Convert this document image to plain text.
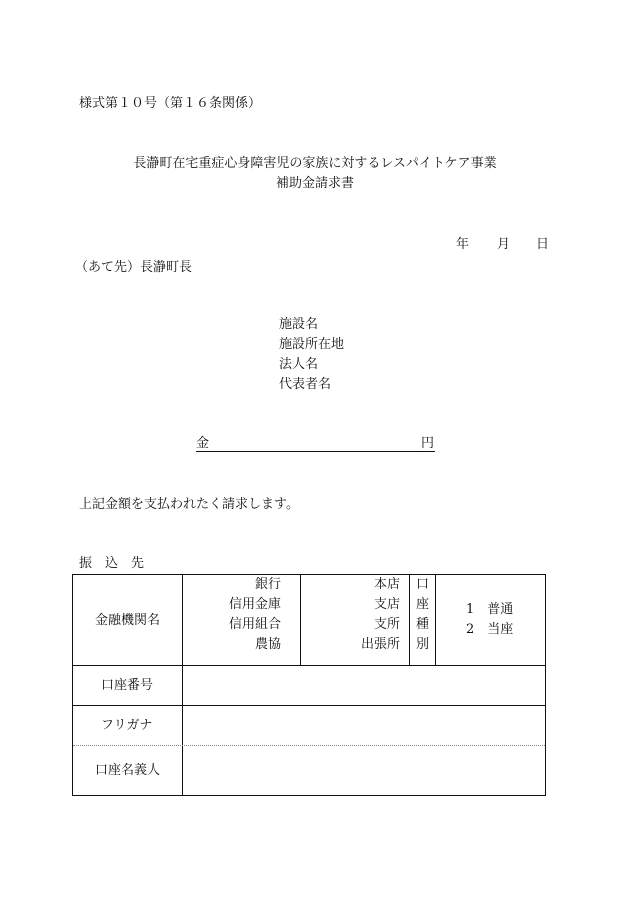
様式第１０号（第１６条関係）
長瀞町在宅重症心身障害児の家族に対するレスパイトケア事業
補助金請求書
年 月 日
（あて先）長瀞町長
施設名
施設所在地
法人名
代表者名
金	円
上記金額を支払われたく請求します。
振　込　先
金融機関名
銀行
信用金庫
信用組合
農協
本店
支店
支所
出張所
口
座
種
別
1　普通
2　当座
口座番号
フリガナ
口座名義人
